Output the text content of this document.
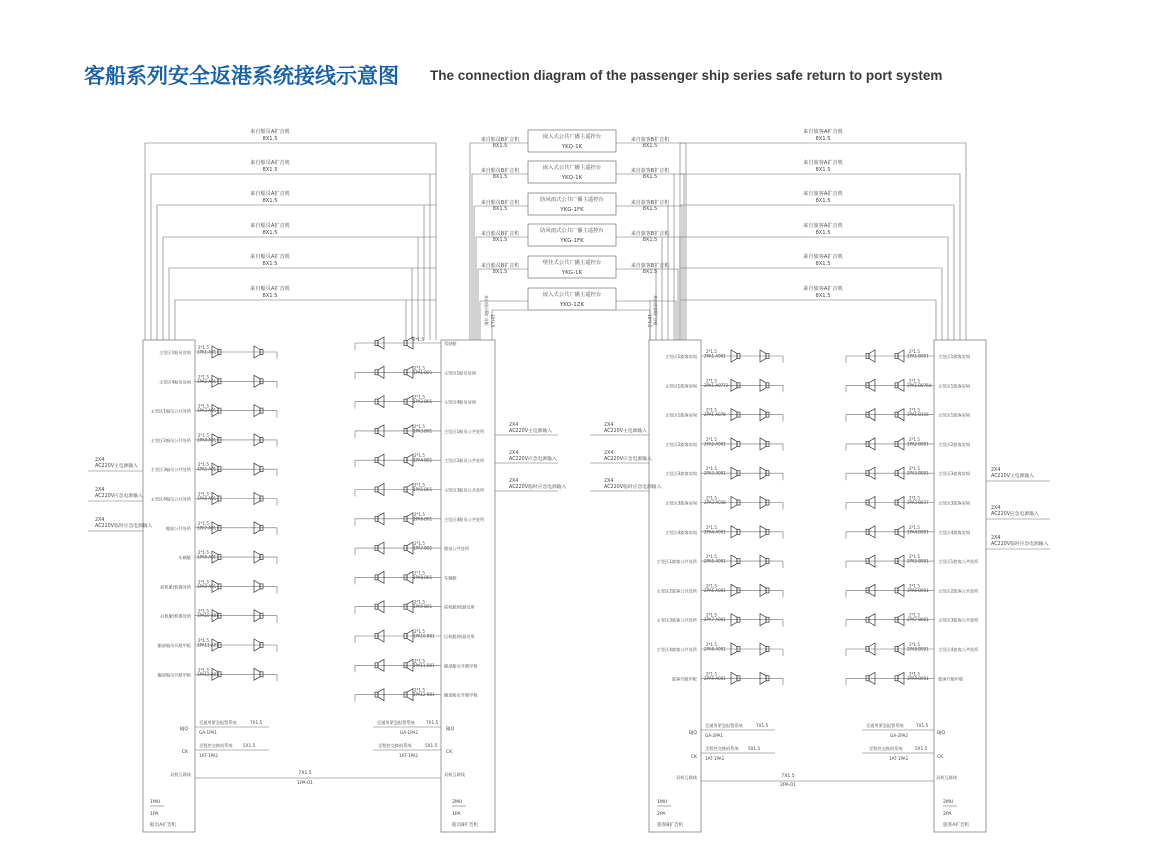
客船系列安全返港系统接线示意图 The connection diagram of the passenger ship series safe return to port system
来自船员A扩音机
8X1.5
来自船员A扩音机
8X1.5
来自船员A扩音机
8X1.5
来自船员A扩音机
8X1.5
来自船员A扩音机
8X1.5
来自船员A扩音机
8X1.5
来自旅客A扩音机
8X1.5
来自旅客A扩音机
8X1.5
来自旅客A扩音机
8X1.5
来自旅客A扩音机
8X1.5
来自旅客A扩音机
8X1.5
来自旅客A扩音机
8X1.5
嵌入式公共广播主遥控台
YKQ-1K
来自船员B扩音机
8X1.5
来自旅客B扩音机
8X1.5
嵌入式公共广播主遥控台
YKQ-1K
来自船员B扩音机
8X1.5
来自旅客B扩音机
8X1.5
防风雨式公共广播主遥控台
YKG-1FK
来自船员B扩音机
8X1.5
来自旅客B扩音机
8X1.5
防风雨式公共广播主遥控台
YKG-1FK
来自船员B扩音机
8X1.5
来自旅客B扩音机
8X1.5
壁挂式公共广播主遥控台
YKG-1K
来自船员B扩音机
8X1.5
来自旅客B扩音机
8X1.5
嵌入式公共广播主遥控台
YKQ-1ZK
来自船员B扩音机 10*1.5	来自旅客B扩音机
10*1.5
主竖区1船员房间
2*1.5
1PA1-A01
主竖区4船员房间
2*1.5
1PA2-A01
主竖区1船员公共处所
2*1.5
1PA3-A01
主竖区2船员公共处所
2*1.5
1PA4-A01
主竖区3船员公共处所
2*1.5
1PA5-A01
主竖区4船员公共处所
2*1.5
1PA6-A01
舱部公共处所
2*1.5
1PA7-A01
车辆舱
2*1.5
1PA8-A01
前机舱/机器处所
2*1.5
1PA9-A01
后机舱/机器处所
2*1.5
1PA10-A01
艏部船员开敞甲板
2*1.5
1PA11-A01
艉部船员开敞甲板
2*1.5
1PA12-A01
驾驶舱
2*1.5
主竖区1船员房间
2*1.5
1PA1-B01
主竖区4船员房间
2*1.5
1PA2-B01
主竖区1船员公共处所
2*1.5
1PA3-B01
主竖区2船员公共处所
2*1.5
1PA4-B01
主竖区3船员公共处所
2*1.5
1PA5-B01
主竖区4船员公共处所
2*1.5
1PA6-B01
舱部公共处所
2*1.5
1PA7-B01
车辆舱
2*1.5
1PA8-B01
前机舱/机器处所
2*1.5
1PA9-B01
后机舱/机器处所
2*1.5
1PA10-B01
艏部船员开敞甲板
2*1.5
1PA11-B01
艉部船员开敞甲板
2*1.5
1PA12-B01
主竖区1旅客房间
2*1.5
2PA1-A001
主竖区1旅客房间
2*1.5
2PA1-A0772
主竖区1旅客房间
2*1.5
2PA1-A078
主竖区2旅客房间
2*1.5
2PA2-A001
主竖区3旅客房间
2*1.5
2PA3-A001
主竖区3旅客房间
2*1.5
2PA3-A038
主竖区4旅客房间
2*1.5
2PA4-A001
主竖区1旅客公共处所
2*1.5
2PA5-A001
主竖区2旅客公共处所
2*1.5
2PA6-A001
主竖区3旅客公共处所
2*1.5
2PA7-A001
主竖区4旅客公共处所
2*1.5
2PA8-A001
旅客开敞甲板
2*1.5
2PA9-A001
主竖区1旅客房间
2*1.5
2PA1-B001
主竖区1旅客房间
2*1.5
2PA1-B0764
主竖区1旅客房间
2*1.5
2PA1-B116
主竖区2旅客房间
2*1.5
2PA2-B001
主竖区3旅客房间
2*1.5
2PA3-B001
主竖区3旅客房间
2*1.5
2PA3-B037
主竖区4旅客房间
2*1.5
2PA4-B001
主竖区1旅客公共处所
2*1.5
2PA5-B001
主竖区2旅客公共处所
2*1.5
2PA6-B001
主竖区3旅客公共处所
2*1.5
2PA7-B001
主竖区4旅客公共处所
2*1.5
2PA8-B001
旅客开敞甲板
2*1.5
2PA9-B001
2X4
AC220V主电源输入
2X4
AC220V应急电源输入
2X4
AC220V临时应急电源输入
2X4
AC220V主电源输入
2X4
AC220V应急电源输入
2X4
AC220V临时应急电源输入
2X4
AC220V主电源输入
2X4
AC220V应急电源输入
2X4
AC220V临时应急电源输入
2X4
AC220V主电源输入
2X4
AC220V应急电源输入
2X4
AC220V临时应急电源输入
BJQ
CK
双机互联线
至通用紧急报警系统	7X1.5
GA-1PA1
至程控交换机系统 5X1.5
1AT-1PA1
至通用紧急报警系统	7X1.5
GA-1PA2
至程控交换机系统	5X1.5
1AT-1PA1
BJQ
CK
双机互联线
7X1.5
1PA-01
BJQ
CK
双机互联线
至通用紧急报警系统	7X1.5
GA-2PA1
至程控交换机系统 5X1.5
1AT-1PA1
至通用紧急报警系统	7X1.5
GA-2PA2
至程控交换机系统	5X1.5
1AT-1PA1
BJQ
CK
双机互联线
7X1.5
2PA-01
1MU
1PA
船员A扩音机
2MU
1PA
船员B扩音机
1MU
2PA
旅客B扩音机
2MU
2PA
旅客A扩音机
